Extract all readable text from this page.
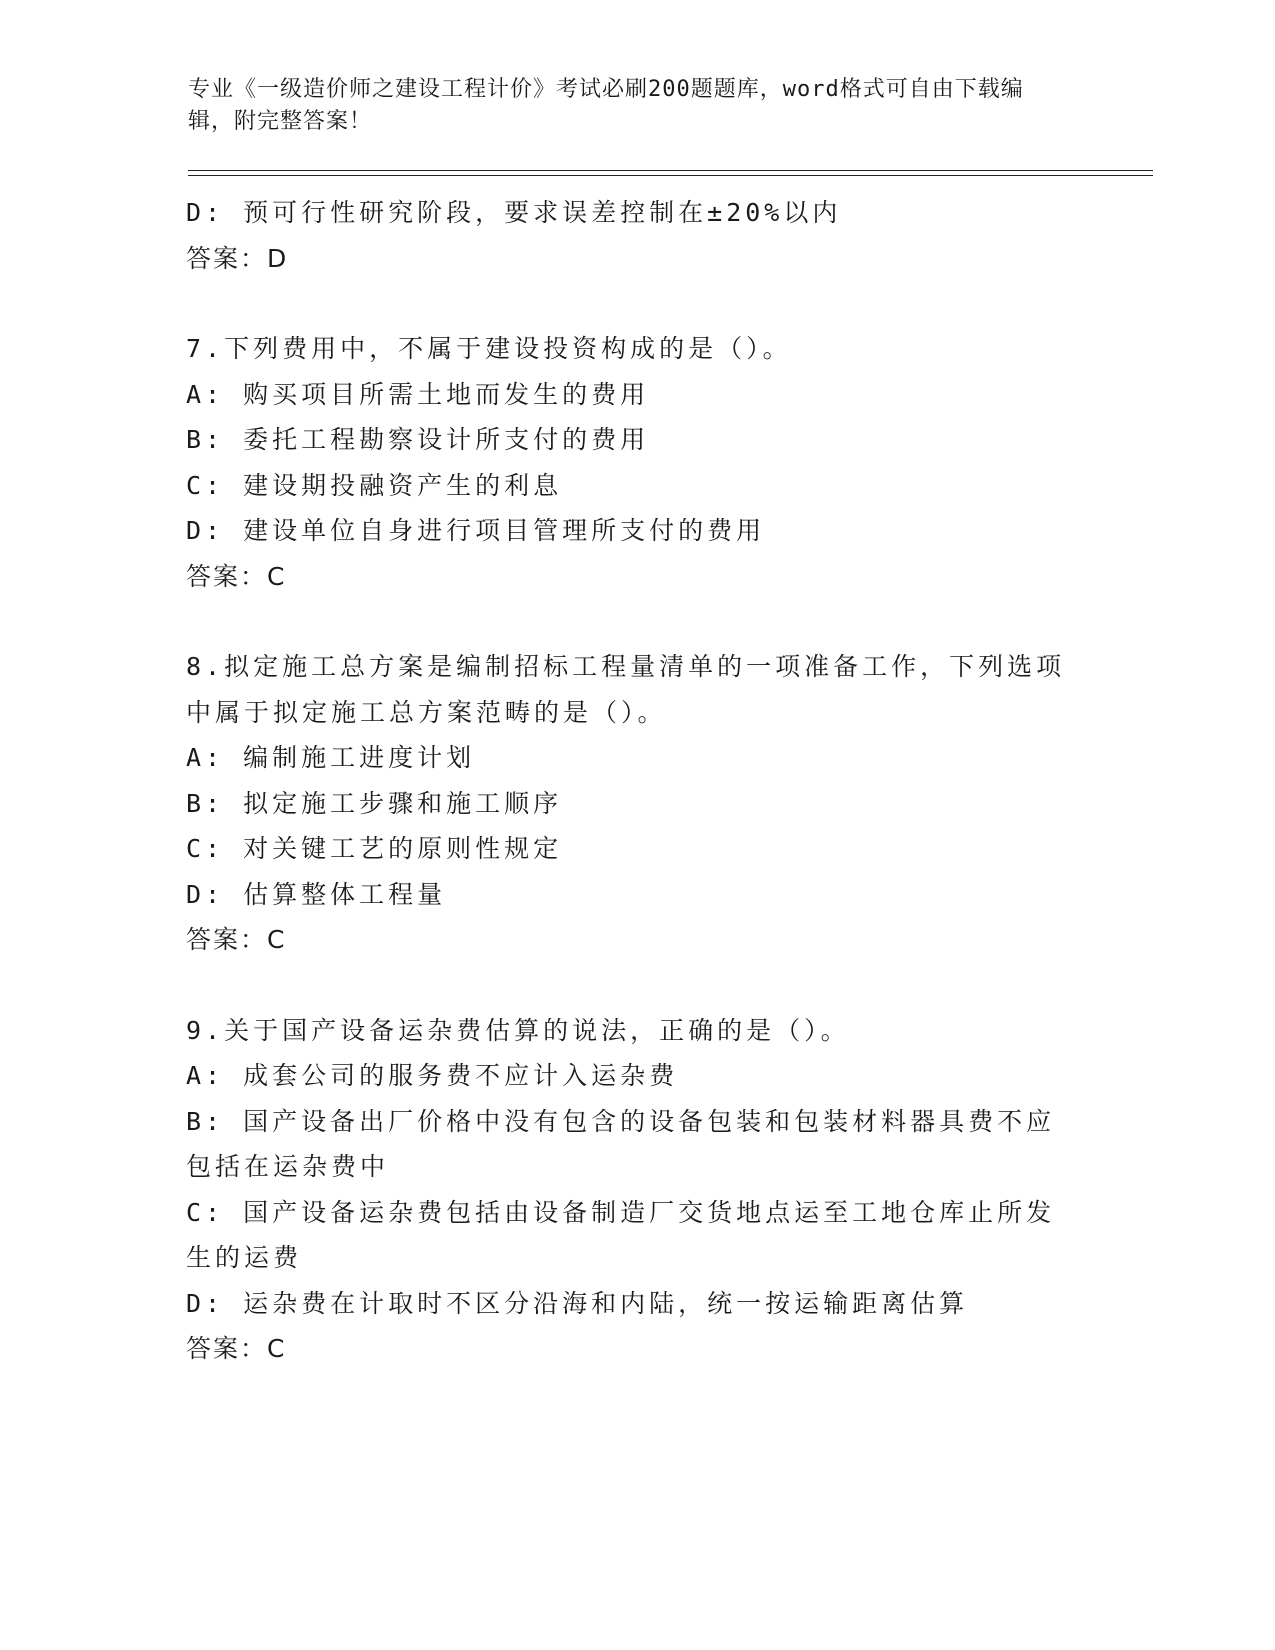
专业《一级造价师之建设工程计价》考试必刷200题题库，word格式可自由下载编辑，附完整答案！
D: 预可行性研究阶段，要求误差控制在±20%以内
答案：D
7.下列费用中，不属于建设投资构成的是（）。
A: 购买项目所需土地而发生的费用
B: 委托工程勘察设计所支付的费用
C: 建设期投融资产生的利息
D: 建设单位自身进行项目管理所支付的费用
答案：C
8.拟定施工总方案是编制招标工程量清单的一项准备工作，下列选项中属于拟定施工总方案范畴的是（）。
A: 编制施工进度计划
B: 拟定施工步骤和施工顺序
C: 对关键工艺的原则性规定
D: 估算整体工程量
答案：C
9.关于国产设备运杂费估算的说法，正确的是（）。
A: 成套公司的服务费不应计入运杂费
B: 国产设备出厂价格中没有包含的设备包装和包装材料器具费不应包括在运杂费中
C: 国产设备运杂费包括由设备制造厂交货地点运至工地仓库止所发生的运费
D: 运杂费在计取时不区分沿海和内陆，统一按运输距离估算
答案：C
